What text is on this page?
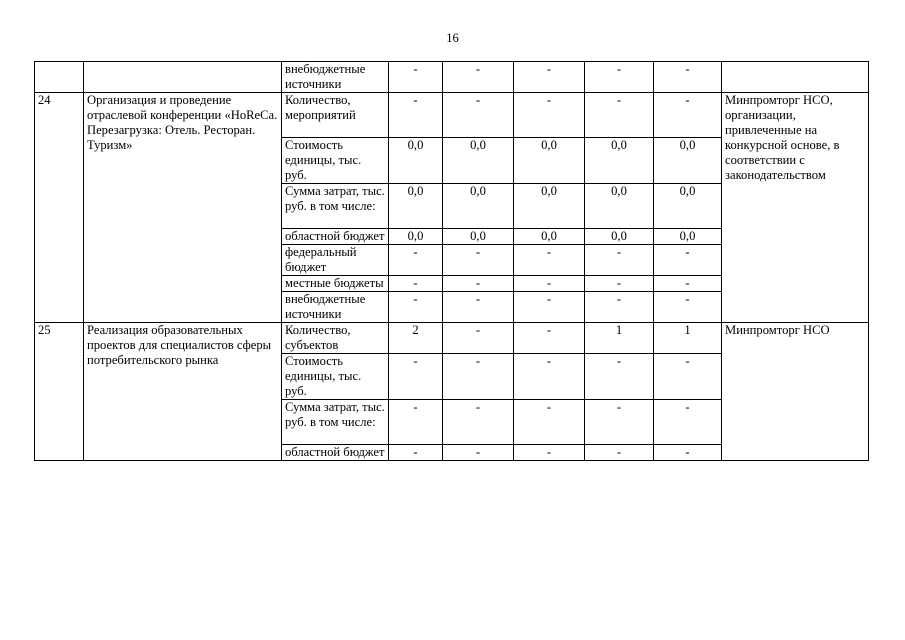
16
		внебюджетные источники	-	-	-	-	-	
24	Организация и проведение отраслевой конференции «HoReCa. Перезагрузка: Отель. Ресторан. Туризм»	Количество, мероприятий	-	-	-	-	-	Минпромторг НСО, организации, привлеченные на конкурсной основе, в соответствии с законодательством
		Стоимость единицы, тыс. руб.	0,0	0,0	0,0	0,0	0,0	
		Сумма затрат, тыс. руб. в том числе:	0,0	0,0	0,0	0,0	0,0	
		областной бюджет	0,0	0,0	0,0	0,0	0,0	
		федеральный бюджет	-	-	-	-	-	
		местные бюджеты	-	-	-	-	-	
		внебюджетные источники	-	-	-	-	-	
25	Реализация образовательных проектов для специалистов сферы потребительского рынка	Количество, субъектов	2	-	-	1	1	Минпромторг НСО
		Стоимость единицы, тыс. руб.	-	-	-	-	-	
		Сумма затрат, тыс. руб. в том числе:	-	-	-	-	-	
		областной бюджет	-	-	-	-	-	
